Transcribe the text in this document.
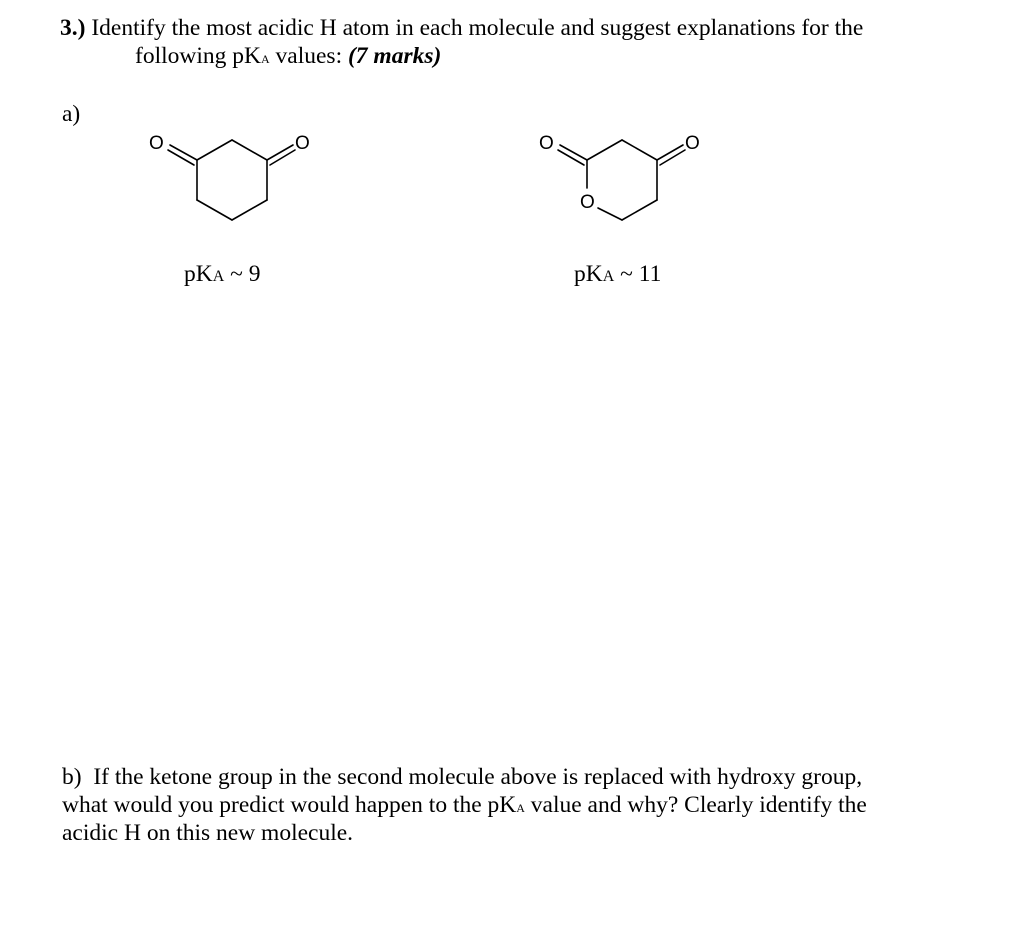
3.) Identify the most acidic H atom in each molecule and suggest explanations for the
following pKA values: (7 marks)
a)
O	O
pKA ~ 9
O	O
O
pKA ~ 11
b)  If the ketone group in the second molecule above is replaced with hydroxy group,
what would you predict would happen to the pKA value and why? Clearly identify the
acidic H on this new molecule.
